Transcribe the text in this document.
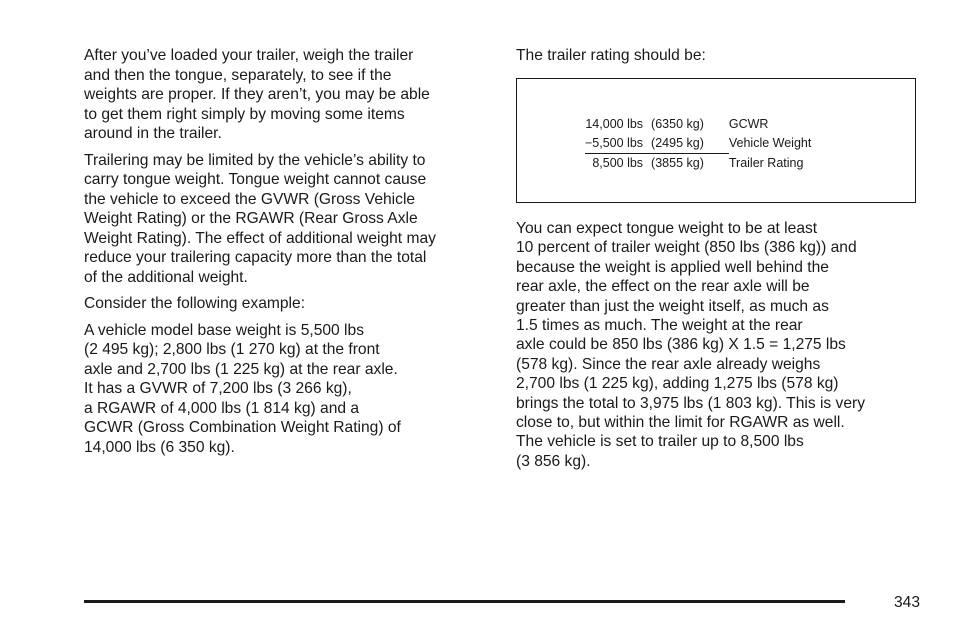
After you’ve loaded your trailer, weigh the trailer
and then the tongue, separately, to see if the
weights are proper. If they aren’t, you may be able
to get them right simply by moving some items
around in the trailer.

Trailering may be limited by the vehicle’s ability to
carry tongue weight. Tongue weight cannot cause
the vehicle to exceed the GVWR (Gross Vehicle
Weight Rating) or the RGAWR (Rear Gross Axle
Weight Rating). The effect of additional weight may
reduce your trailering capacity more than the total
of the additional weight.

Consider the following example:

A vehicle model base weight is 5,500 lbs
(2 495 kg); 2,800 lbs (1 270 kg) at the front
axle and 2,700 lbs (1 225 kg) at the rear axle.
It has a GVWR of 7,200 lbs (3 266 kg),
a RGAWR of 4,000 lbs (1 814 kg) and a
GCWR (Gross Combination Weight Rating) of
14,000 lbs (6 350 kg).

The trailer rating should be:

14,000 lbs	(6350 kg)	GCWR
−5,500 lbs	(2495 kg)	Vehicle Weight
8,500 lbs	(3855 kg)	Trailer Rating
You can expect tongue weight to be at least
10 percent of trailer weight (850 lbs (386 kg)) and
because the weight is applied well behind the
rear axle, the effect on the rear axle will be
greater than just the weight itself, as much as
1.5 times as much. The weight at the rear
axle could be 850 lbs (386 kg) X 1.5 = 1,275 lbs
(578 kg). Since the rear axle already weighs
2,700 lbs (1 225 kg), adding 1,275 lbs (578 kg)
brings the total to 3,975 lbs (1 803 kg). This is very
close to, but within the limit for RGAWR as well.
The vehicle is set to trailer up to 8,500 lbs
(3 856 kg).
343
